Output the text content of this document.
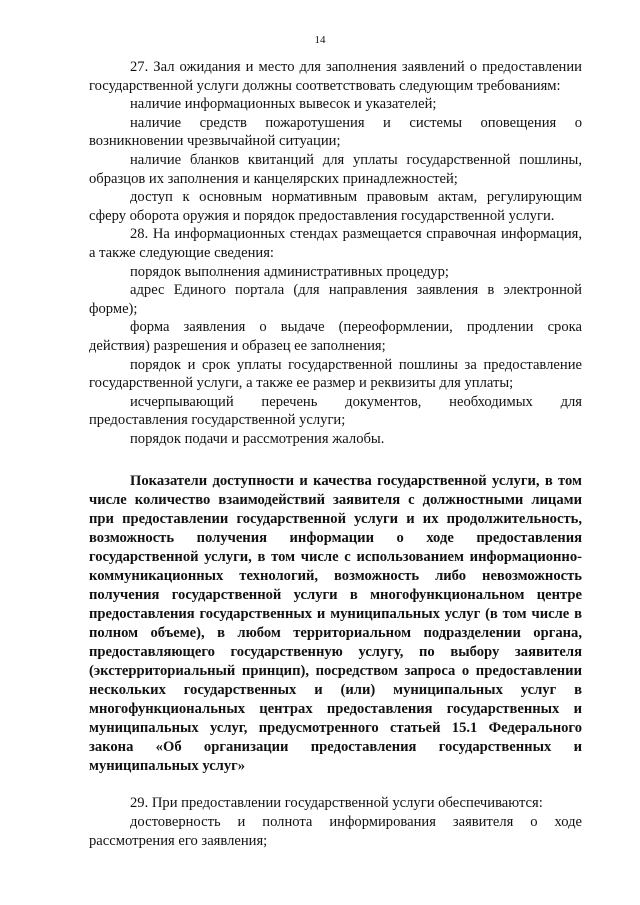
14

27. Зал ожидания и место для заполнения заявлений о предоставлении государственной услуги должны соответствовать следующим требованиям:

наличие информационных вывесок и указателей;

наличие средств пожаротушения и системы оповещения о возникновении чрезвычайной ситуации;

наличие бланков квитанций для уплаты государственной пошлины, образцов их заполнения и канцелярских принадлежностей;

доступ к основным нормативным правовым актам, регулирующим сферу оборота оружия и порядок предоставления государственной услуги.

28. На информационных стендах размещается справочная информация, а также следующие сведения:

порядок выполнения административных процедур;

адрес Единого портала (для направления заявления в электронной форме);

форма заявления о выдаче (переоформлении, продлении срока действия) разрешения и образец ее заполнения;

порядок и срок уплаты государственной пошлины за предоставление государственной услуги, а также ее размер и реквизиты для уплаты;

исчерпывающий перечень документов, необходимых для предоставления государственной услуги;

порядок подачи и рассмотрения жалобы.

Показатели доступности и качества государственной услуги, в том числе количество взаимодействий заявителя с должностными лицами при предоставлении государственной услуги и их продолжительность, возможность получения информации о ходе предоставления государственной услуги, в том числе с использованием информационно-коммуникационных технологий, возможность либо невозможность получения государственной услуги в многофункциональном центре предоставления государственных и муниципальных услуг (в том числе в полном объеме), в любом территориальном подразделении органа, предоставляющего государственную услугу, по выбору заявителя (экстерриториальный принцип), посредством запроса о предоставлении нескольких государственных и (или) муниципальных услуг в многофункциональных центрах предоставления государственных и муниципальных услуг, предусмотренного статьей 15.1 Федерального закона «Об организации предоставления государственных и муниципальных услуг»

29. При предоставлении государственной услуги обеспечиваются:

достоверность и полнота информирования заявителя о ходе рассмотрения его заявления;
